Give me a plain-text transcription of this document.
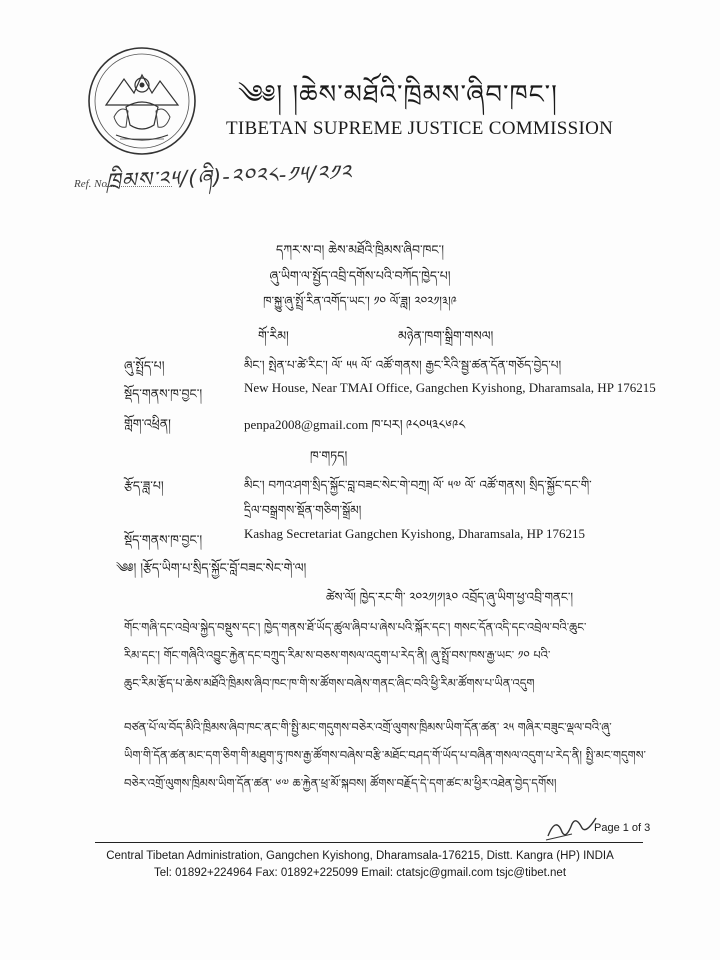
༄༅། །ཆེས་མཐོའི་ཁྲིམས་ཞིབ་ཁང་།
TIBETAN SUPREME JUSTICE COMMISSION
Ref. No.
ཁྲིམས་༢༥/(ཞི)-༢༠༢༨-༡༥/༢༡༢
དཀར་ས་བ། ཆེས་མཐོའི་ཁྲིམས་ཞིབ་ཁང་།
ཞུ་ཡིག་ལ་སྤྱོད་འབྲི་དགོས་པའི་བཀོད་ཁྱེད་པ།
ཁ་སྐྱུ་ཞུ་སྤྲོ་རིན་འགོད་ཡང་། ༡༠ ལོ་ཟླ། ༢༠༢༡།༣།༩
གོ་རིམ།	མཉེན་ཁག་སྒྲིག་གསལ།
ཞུ་སྤྲོད་པ།	མིང་། སྤེན་པ་ཚེ་རིང་། ལོ་ ༥༥ ལོ་ འཚོ་གནས། རྒྱང་རིའི་སྦྱ་ཚན་དོན་གཅོད་བྱེད་པ།
སྡོད་གནས་ཁ་བྱང་།	New House, Near TMAI Office, Gangchen Kyishong, Dharamsala, HP 176215
གློག་འཕྲིན།	penpa2008@gmail.com ཁ་པར། ༩༨༠༥༣༨༦༩༨
ཁ་གཏད།
རྩོད་ཟླ་པ།	མིང་། བཀའ་ཤག་སྲིད་སྐྱོང་བླ་བཟང་སེང་གེ་བཀྲ། ལོ་ ༥༧ ལོ་ འཚོ་གནས། སྲིད་སྐྱོང་དང་གི་
དྲིལ་བསྒྲགས་སྡོན་གཅིག་སྒྲོམ།
སྡོད་གནས་ཁ་བྱང་།	Kashag Secretariat Gangchen Kyishong, Dharamsala, HP 176215
༄༅། །རྩོད་ཡིག་པ་སྲིད་སྐྱོང་བློ་བཟང་སེང་གེ་ལ།
ཚེས་ལོ། ཁྱེད་རང་གི་ ༢༠༢༡།༡།༣༠ འབྲོད་ཞུ་ཡིག་ཕྱ་འབྲི་གནང་།
གོང་གཞི་དང་འབྲེལ་སྐྱེད་བསྡུས་དང་། ཁྱེད་གནས་ཐོ་ཡོད་ཚུལ་ཞིབ་པ་ཞེས་པའི་སྐོར་དང་། གསང་དོན་འདི་དང་འབྲེལ་བའི་ཆུང་
རིམ་དང་། གོང་གཞིའི་འབྱུང་རྐྱེན་དང་བཀྲུད་རིམ་ས་བཅས་གསལ་འདུག་པ་རེད་ནི། ཞུ་སྤྲོ་བས་ཁས་རྒྱ་ཡང་ ༡༠ པའི་
ཆུང་རིམ་རྩོད་པ་ཆེས་མཐོའི་ཁྲིམས་ཞིབ་ཁང་ཁ་གི་ས་ཚོགས་བཞེས་གནང་ཞིང་བའི་ཕྱི་རིམ་ཚོགས་པ་ཡིན་འདུག
བཙན་པོ་ལ་བོད་མིའི་ཁྲིམས་ཞིབ་ཁང་ནང་གི་སྤྱི་མང་གདུགས་བཅེར་འགྲོ་ལུགས་ཁྲིམས་ཡིག་དོན་ཚན་ ༢༥ གཞིར་བཟུང་ལྡལ་བའི་ཞུ་
ཡིག་གི་དོན་ཚན་མང་དག་ཅིག་གི་མཐུག་ཏུ་ཁས་རྒྱ་ཚོགས་བཞེས་བརྩི་མཐོང་བཤད་གོ་ཡོད་པ་བཞིན་གསལ་འདུག་པ་རེད་ནི། སྤྱི་མང་གདུགས་
བཅེར་འགྲོ་ལུགས་ཁྲིམས་ཡིག་དོན་ཚན་ ༦༧ ཆ་རྐྱེན་ཕྲ་མོ་སྐབས། ཚོགས་བརྗོད་དེ་དག་ཚང་མ་ཕྱིར་འཐེན་བྱེད་དགོས།
Page 1 of 3
Central Tibetan Administration, Gangchen Kyishong, Dharamsala-176215, Distt. Kangra (HP) INDIA
Tel: 01892+224964 Fax: 01892+225099 Email: ctatsjc@gmail.com tsjc@tibet.net
